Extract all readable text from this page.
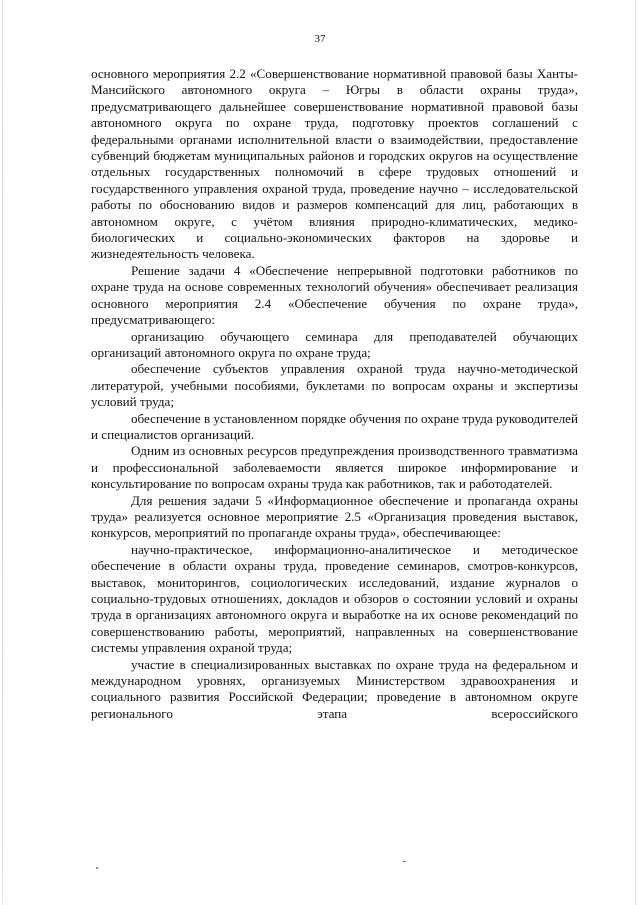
37

основного мероприятия 2.2 «Совершенствование нормативной правовой базы Ханты-Мансийского автономного округа – Югры в области охраны труда», предусматривающего дальнейшее совершенствование нормативной правовой базы автономного округа по охране труда, подготовку проектов соглашений с федеральными органами исполнительной власти о взаимодействии, предоставление субвенций бюджетам муниципальных районов и городских округов на осуществление отдельных государственных полномочий в сфере трудовых отношений и государственного управления охраной труда, проведение научно – исследовательской работы по обоснованию видов и размеров компенсаций для лиц, работающих в автономном округе, с учётом влияния природно-климатических, медико-биологических и социально-экономических факторов на здоровье и жизнедеятельность человека.

Решение задачи 4 «Обеспечение непрерывной подготовки работников по охране труда на основе современных технологий обучения» обеспечивает реализация основного мероприятия 2.4 «Обеспечение обучения по охране труда», предусматривающего:

организацию обучающего семинара для преподавателей обучающих организаций автономного округа по охране труда;

обеспечение субъектов управления охраной труда научно-методической литературой, учебными пособиями, буклетами по вопросам охраны и экспертизы условий труда;

обеспечение в установленном порядке обучения по охране труда руководителей и специалистов организаций.

Одним из основных ресурсов предупреждения производственного травматизма и профессиональной заболеваемости является широкое информирование и консультирование по вопросам охраны труда как работников, так и работодателей.

Для решения задачи 5 «Информационное обеспечение и пропаганда охраны труда» реализуется основное мероприятие 2.5 «Организация проведения выставок, конкурсов, мероприятий по пропаганде охраны труда», обеспечивающее:

научно-практическое, информационно-аналитическое и методическое обеспечение в области охраны труда, проведение семинаров, смотров-конкурсов, выставок, мониторингов, социологических исследований, издание журналов о социально-трудовых отношениях, докладов и обзоров о состоянии условий и охраны труда в организациях автономного округа и выработке на их основе рекомендаций по совершенствованию работы, мероприятий, направленных на совершенствование системы управления охраной труда;

участие в специализированных выставках по охране труда на федеральном и международном уровнях, организуемых Министерством здравоохранения и социального развития Российской Федерации; проведение в автономном округе регионального этапа всероссийского
